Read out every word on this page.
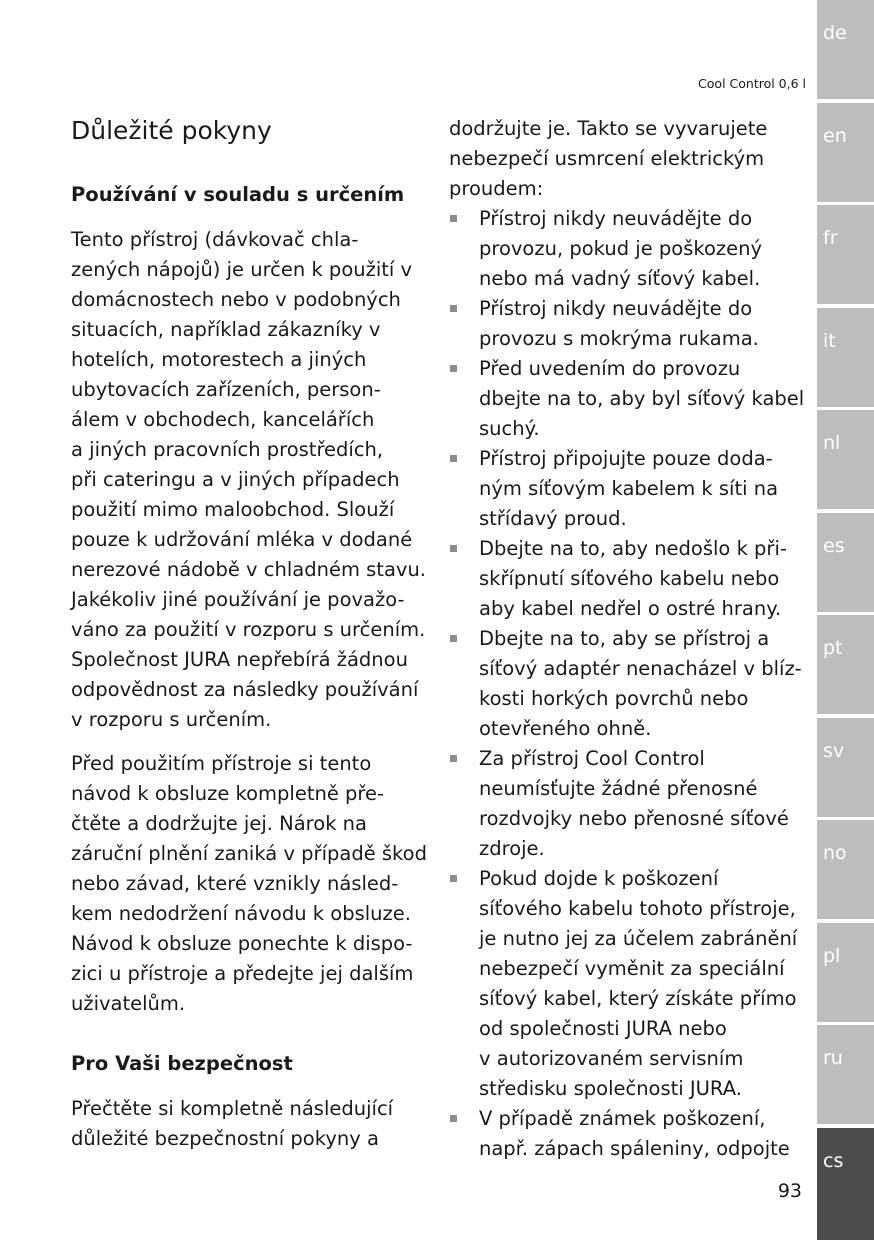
Cool Control 0,6 l
Důležité pokyny
Používání v souladu s určením

Tento přístroj (dávkovač chla-
zených nápojů) je určen k použití v
domácnostech nebo v podobných
situacích, například zákazníky v
hotelích, motorestech a jiných
ubytovacích zařízeních, person-
álem v obchodech, kancelářích
a jiných pracovních prostředích,
při cateringu a v jiných případech
použití mimo maloobchod. Slouží
pouze k udržování mléka v dodané
nerezové nádobě v chladném stavu.
Jakékoliv jiné používání je považo-
váno za použití v rozporu s určením.
Společnost JURA nepřebírá žádnou
odpovědnost za následky používání
v rozporu s určením.

Před použitím přístroje si tento
návod k obsluze kompletně pře-
čtěte a dodržujte jej. Nárok na
záruční plnění zaniká v případě škod
nebo závad, které vznikly násled-
kem nedodržení návodu k obsluze.
Návod k obsluze ponechte k dispo-
zici u přístroje a předejte jej dalším
uživatelům.

Pro Vaši bezpečnost

Přečtěte si kompletně následující
důležité bezpečnostní pokyny a

dodržujte je. Takto se vyvarujete
nebezpečí usmrcení elektrickým
proudem:

Přístroj nikdy neuvádějte do
provozu, pokud je poškozený
nebo má vadný síťový kabel.
Přístroj nikdy neuvádějte do
provozu s mokrýma rukama.
Před uvedením do provozu
dbejte na to, aby byl síťový kabel
suchý.
Přístroj připojujte pouze doda-
ným síťovým kabelem k síti na
střídavý proud.
Dbejte na to, aby nedošlo k při-
skřípnutí síťového kabelu nebo
aby kabel nedřel o ostré hrany.
Dbejte na to, aby se přístroj a
síťový adaptér nenacházel v blíz-
kosti horkých povrchů nebo
otevřeného ohně.
Za přístroj Cool Control
neumísťujte žádné přenosné
rozdvojky nebo přenosné síťové
zdroje.
Pokud dojde k poškození
síťového kabelu tohoto přístroje,
je nutno jej za účelem zabránění
nebezpečí vyměnit za speciální
síťový kabel, který získáte přímo
od společnosti JURA nebo
v autorizovaném servisním
středisku společnosti JURA.
V případě známek poškození,
např. zápach spáleniny, odpojte
de
en
fr
it
nl
es
pt
sv
no
pl
ru
cs
93
